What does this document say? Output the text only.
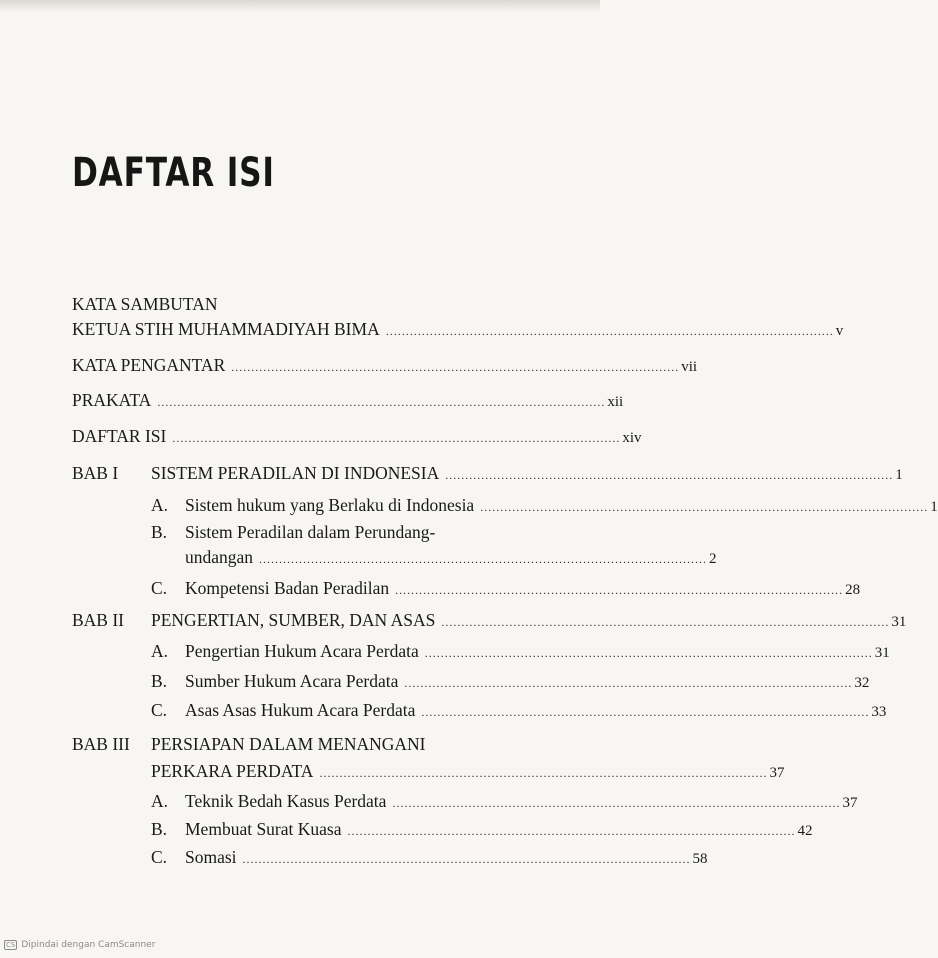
DAFTAR ISI
KATA SAMBUTAN
KETUA STIH MUHAMMADIYAH BIMA ................................................................................................................ v
KATA PENGANTAR ................................................................................................................ vii
PRAKATA ................................................................................................................ xii
DAFTAR ISI ................................................................................................................ xiv
BAB I SISTEM PERADILAN DI INDONESIA ................................................................................................................ 1
A. Sistem hukum yang Berlaku di Indonesia ................................................................................................................ 1
B. Sistem Peradilan dalam Perundang-
undangan ................................................................................................................ 2
C. Kompetensi Badan Peradilan ................................................................................................................ 28
BAB II PENGERTIAN, SUMBER, DAN ASAS ................................................................................................................ 31
A. Pengertian Hukum Acara Perdata ................................................................................................................ 31
B. Sumber Hukum Acara Perdata ................................................................................................................ 32
C. Asas Asas Hukum Acara Perdata ................................................................................................................ 33
BAB III PERSIAPAN DALAM MENANGANI
PERKARA PERDATA ................................................................................................................ 37
A. Teknik Bedah Kasus Perdata ................................................................................................................ 37
B. Membuat Surat Kuasa ................................................................................................................ 42
C. Somasi ................................................................................................................ 58
CS Dipindai dengan CamScanner
